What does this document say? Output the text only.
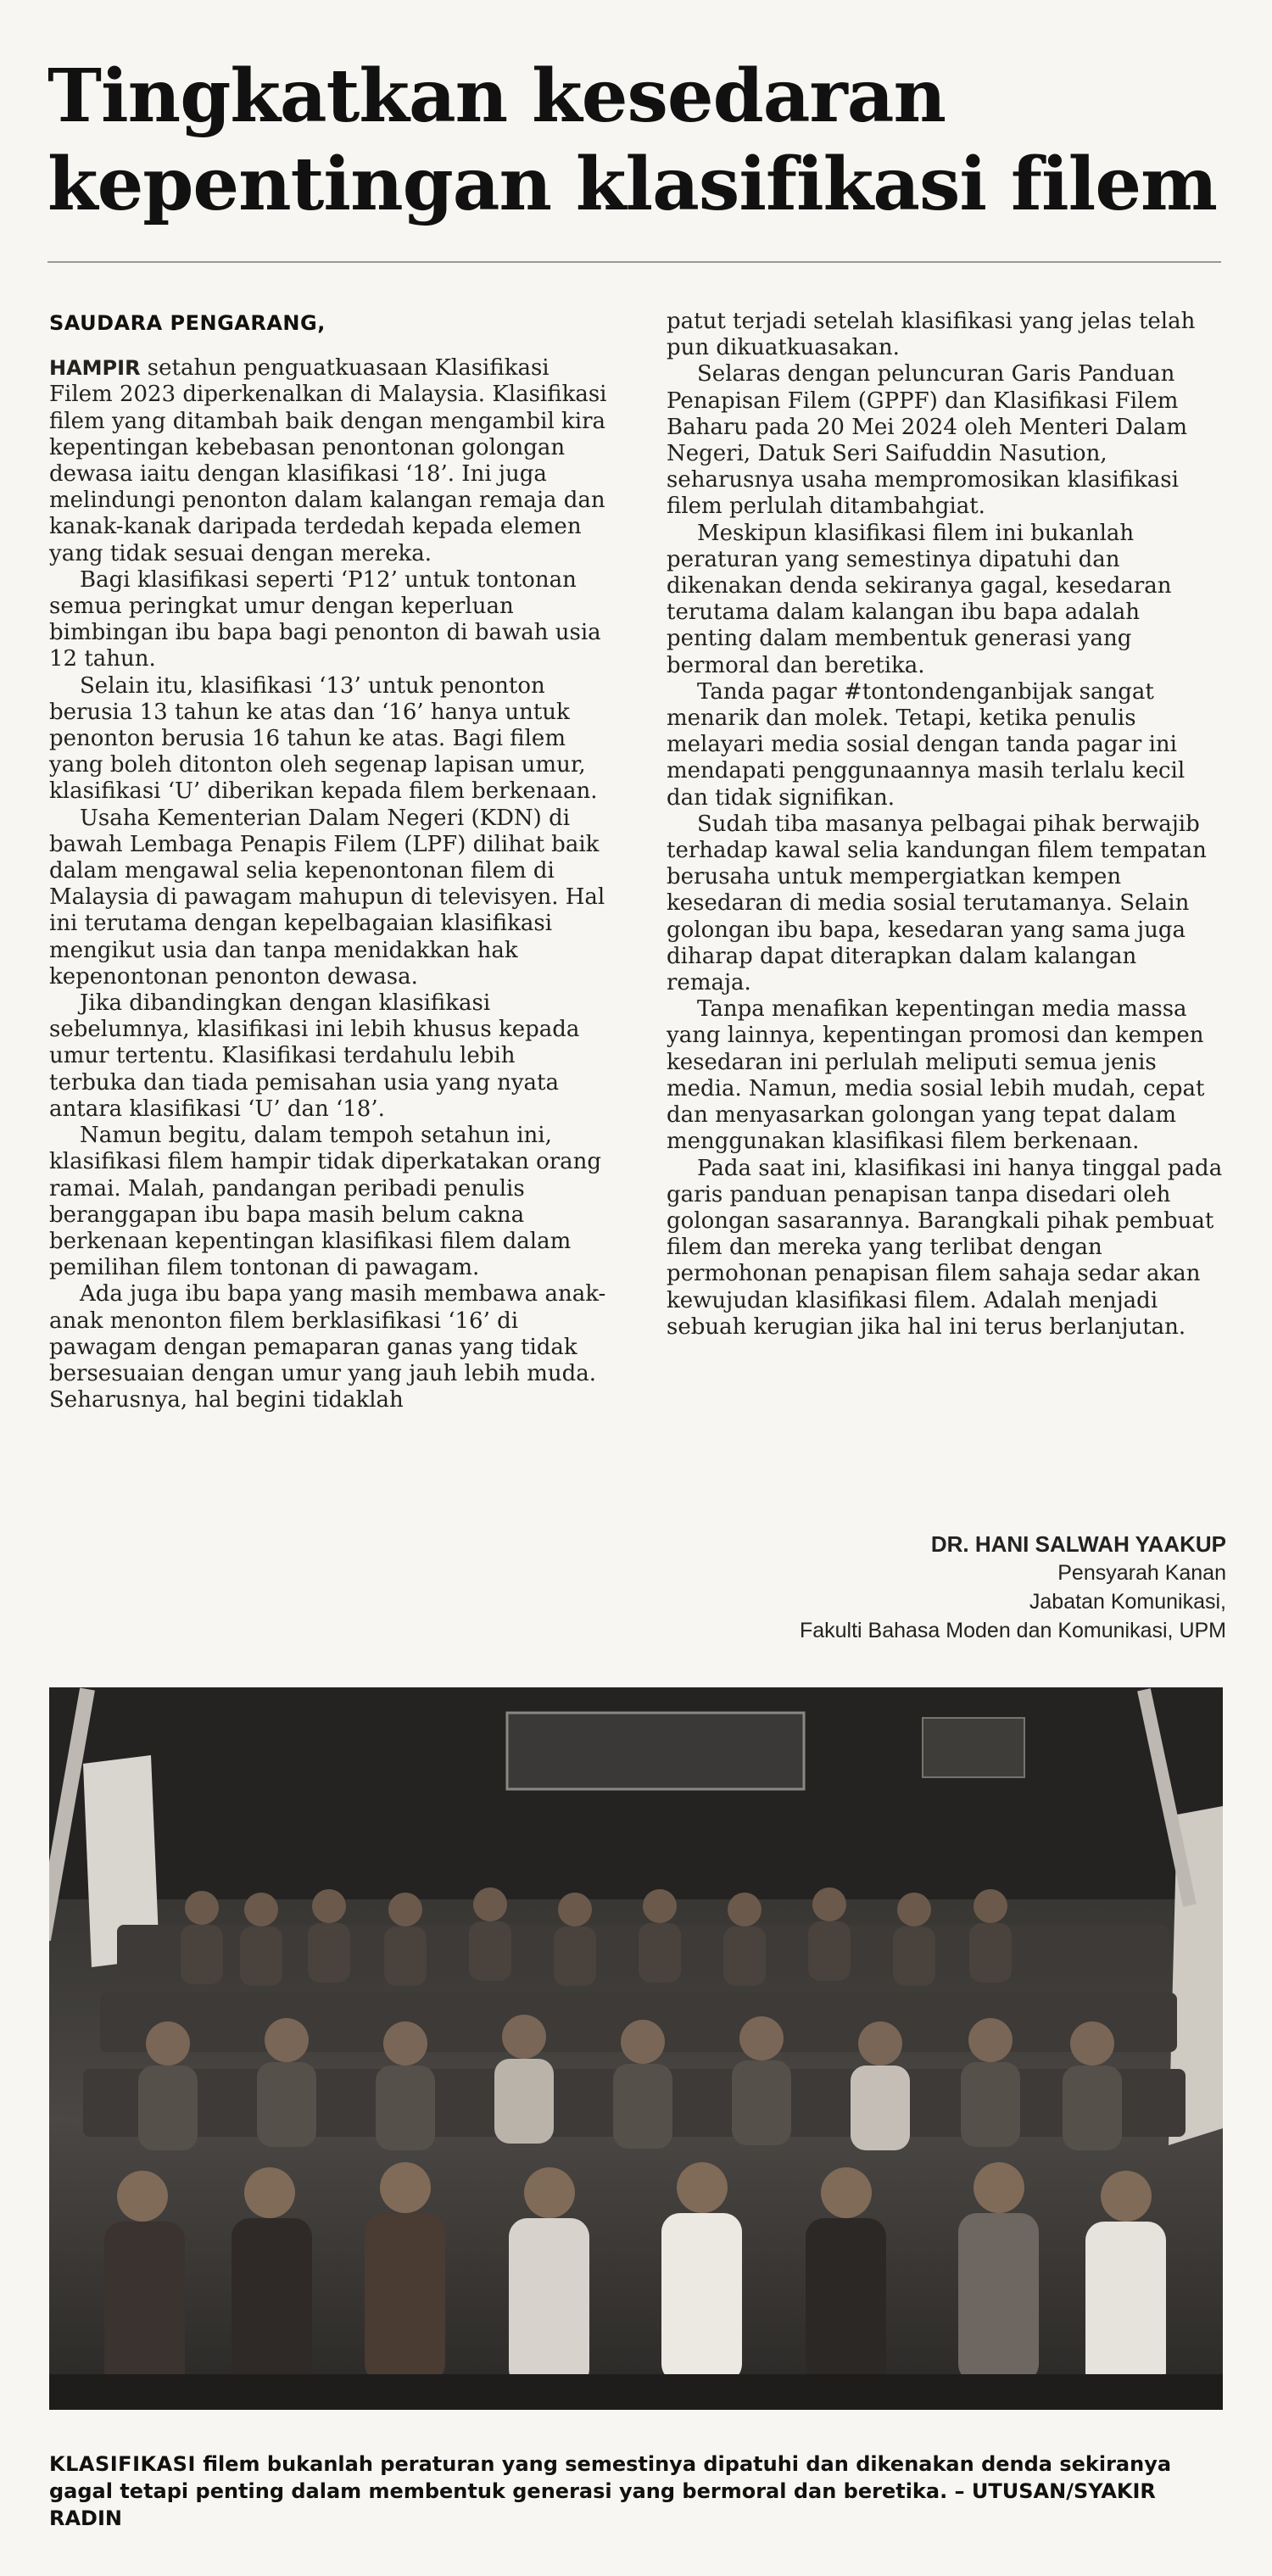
Tingkatkan kesedaran
kepentingan klasifikasi filem
SAUDARA PENGARANG,

HAMPIR setahun penguatkuasaan Klasifikasi Filem 2023 diperkenalkan di Malaysia. Klasifikasi filem yang ditambah baik dengan mengambil kira kepentingan kebebasan penontonan golongan dewasa iaitu dengan klasifikasi ‘18’. Ini juga melindungi penonton dalam kalangan remaja dan kanak-kanak daripada terdedah kepada elemen yang tidak sesuai dengan mereka.

Bagi klasifikasi seperti ‘P12’ untuk tontonan semua peringkat umur dengan keperluan bimbingan ibu bapa bagi penonton di bawah usia 12 tahun.

Selain itu, klasifikasi ‘13’ untuk penonton berusia 13 tahun ke atas dan ‘16’ hanya untuk penonton berusia 16 tahun ke atas. Bagi filem yang boleh ditonton oleh segenap lapisan umur, klasifikasi ‘U’ diberikan kepada filem berkenaan.

Usaha Kementerian Dalam Negeri (KDN) di bawah Lembaga Penapis Filem (LPF) dilihat baik dalam mengawal selia kepenontonan filem di Malaysia di pawagam mahupun di televisyen. Hal ini terutama dengan kepelbagaian klasifikasi mengikut usia dan tanpa menidakkan hak kepenontonan penonton dewasa.

Jika dibandingkan dengan klasifikasi sebelumnya, klasifikasi ini lebih khusus kepada umur tertentu. Klasifikasi terdahulu lebih terbuka dan tiada pemisahan usia yang nyata antara klasifikasi ‘U’ dan ‘18’.

Namun begitu, dalam tempoh setahun ini, klasifikasi filem hampir tidak diperkatakan orang ramai. Malah, pandangan peribadi penulis beranggapan ibu bapa masih belum cakna berkenaan kepentingan klasifikasi filem dalam pemilihan filem tontonan di pawagam.

Ada juga ibu bapa yang masih membawa anak-anak menonton filem berklasifikasi ‘16’ di pawagam dengan pemaparan ganas yang tidak bersesuaian dengan umur yang jauh lebih muda. Seharusnya, hal begini tidaklah

patut terjadi setelah klasifikasi yang jelas telah pun dikuatkuasakan.

Selaras dengan peluncuran Garis Panduan Penapisan Filem (GPPF) dan Klasifikasi Filem Baharu pada 20 Mei 2024 oleh Menteri Dalam Negeri, Datuk Seri Saifuddin Nasution, seharusnya usaha mempromosikan klasifikasi filem perlulah ditambahgiat.

Meskipun klasifikasi filem ini bukanlah peraturan yang semestinya dipatuhi dan dikenakan denda sekiranya gagal, kesedaran terutama dalam kalangan ibu bapa adalah penting dalam membentuk generasi yang bermoral dan beretika.

Tanda pagar #tontondenganbijak sangat menarik dan molek. Tetapi, ketika penulis melayari media sosial dengan tanda pagar ini mendapati penggunaannya masih terlalu kecil dan tidak signifikan.

Sudah tiba masanya pelbagai pihak berwajib terhadap kawal selia kandungan filem tempatan berusaha untuk mempergiatkan kempen kesedaran di media sosial terutamanya. Selain golongan ibu bapa, kesedaran yang sama juga diharap dapat diterapkan dalam kalangan remaja.

Tanpa menafikan kepentingan media massa yang lainnya, kepentingan promosi dan kempen kesedaran ini perlulah meliputi semua jenis media. Namun, media sosial lebih mudah, cepat dan menyasarkan golongan yang tepat dalam menggunakan klasifikasi filem berkenaan.

Pada saat ini, klasifikasi ini hanya tinggal pada garis panduan penapisan tanpa disedari oleh golongan sasarannya. Barangkali pihak pembuat filem dan mereka yang terlibat dengan permohonan penapisan filem sahaja sedar akan kewujudan klasifikasi filem. Adalah menjadi sebuah kerugian jika hal ini terus berlanjutan.

DR. HANI SALWAH YAAKUP

Pensyarah Kanan

Jabatan Komunikasi,

Fakulti Bahasa Moden dan Komunikasi, UPM

KLASIFIKASI filem bukanlah peraturan yang semestinya dipatuhi dan dikenakan denda sekiranya gagal tetapi penting dalam membentuk generasi yang bermoral dan beretika. – UTUSAN/SYAKIR RADIN
